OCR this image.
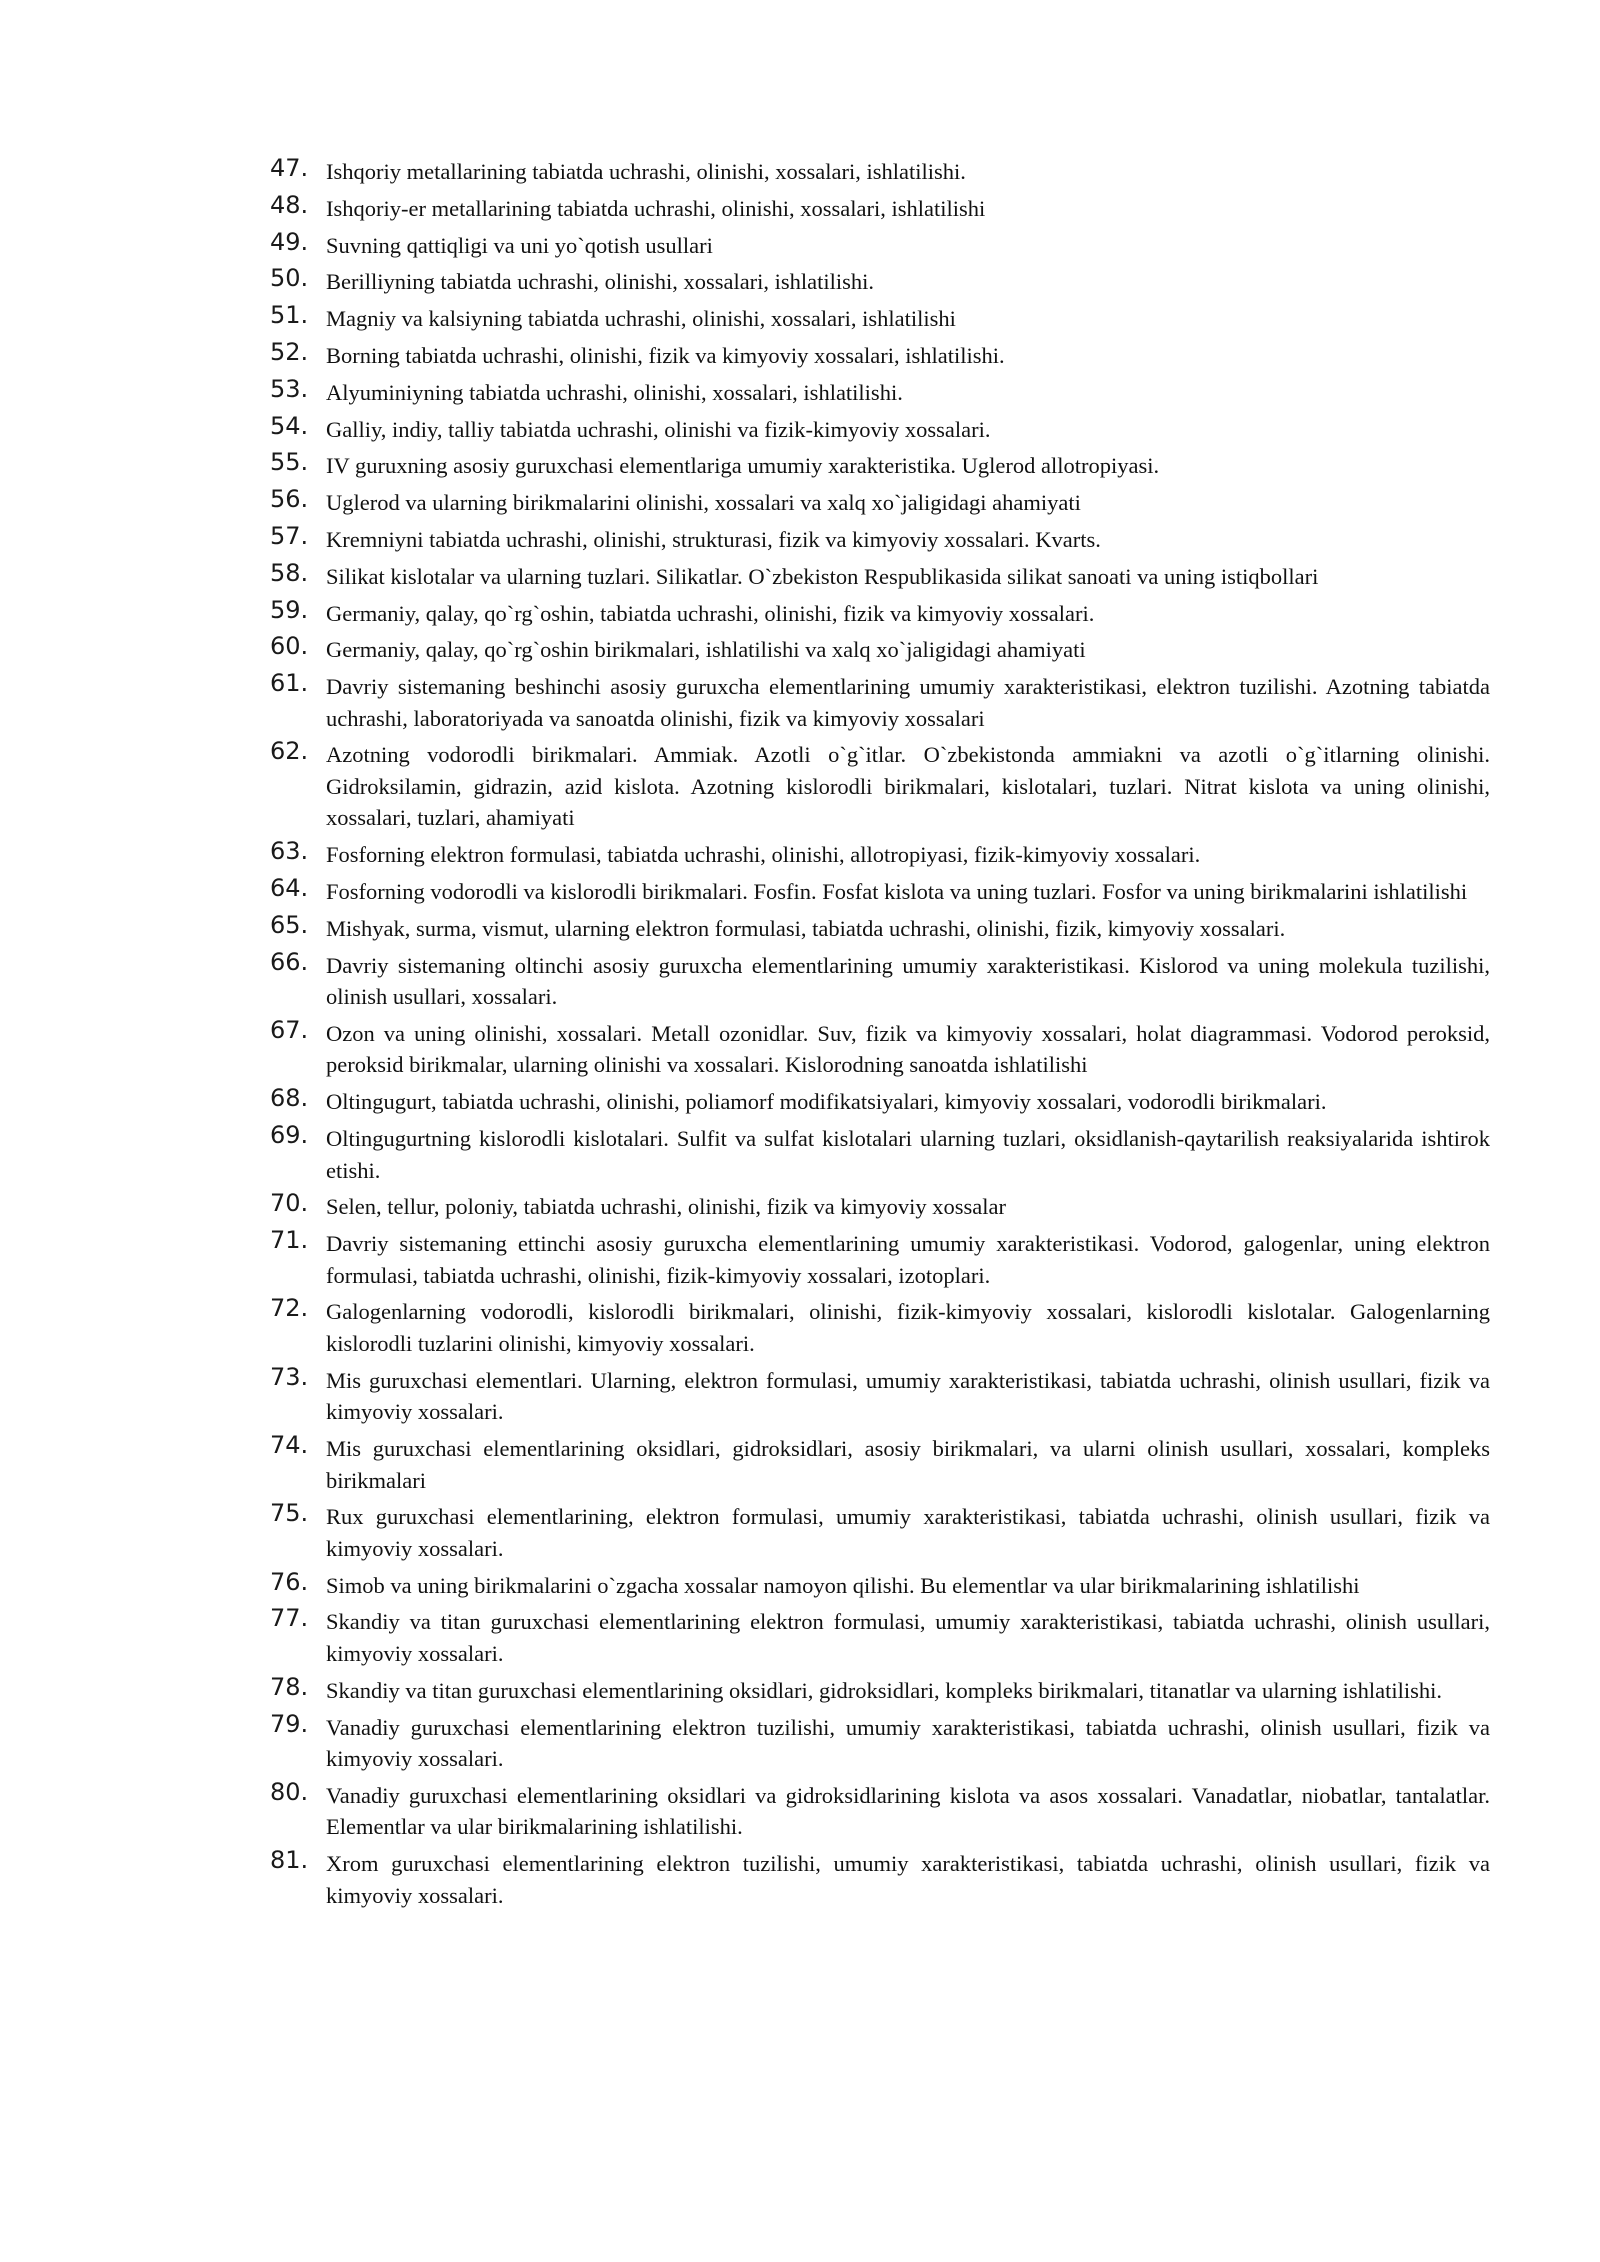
47. Ishqoriy metallarining tabiatda uchrashi, olinishi, xossalari, ishlatilishi.
48. Ishqoriy-er metallarining tabiatda uchrashi, olinishi, xossalari, ishlatilishi
49. Suvning qattiqligi va uni yo`qotish usullari
50. Berilliyning tabiatda uchrashi, olinishi, xossalari, ishlatilishi.
51. Magniy va kalsiyning tabiatda uchrashi, olinishi, xossalari, ishlatilishi
52. Borning tabiatda uchrashi, olinishi, fizik va kimyoviy xossalari, ishlatilishi.
53. Alyuminiyning tabiatda uchrashi, olinishi, xossalari, ishlatilishi.
54. Galliy, indiy, talliy tabiatda uchrashi, olinishi va fizik-kimyoviy xossalari.
55. IV guruxning asosiy guruxchasi elementlariga umumiy xarakteristika. Uglerod allotropiyasi.
56. Uglerod va ularning birikmalarini olinishi, xossalari va xalq xo`jaligidagi ahamiyati
57. Kremniyni tabiatda uchrashi, olinishi, strukturasi, fizik va kimyoviy xossalari. Kvarts.
58. Silikat kislotalar va ularning tuzlari. Silikatlar. O`zbekiston Respublikasida silikat sanoati va uning istiqbollari
59. Germaniy, qalay, qo`rg`oshin, tabiatda uchrashi, olinishi, fizik va kimyoviy xossalari.
60. Germaniy, qalay, qo`rg`oshin birikmalari, ishlatilishi va xalq xo`jaligidagi ahamiyati
61. Davriy sistemaning beshinchi asosiy guruxcha elementlarining umumiy xarakteristikasi, elektron tuzilishi. Azotning tabiatda uchrashi, laboratoriyada va sanoatda olinishi, fizik va kimyoviy xossalari
62. Azotning vodorodli birikmalari. Ammiak. Azotli o`g`itlar. O`zbekistonda ammiakni va azotli o`g`itlarning olinishi. Gidroksilamin, gidrazin, azid kislota. Azotning kislorodli birikmalari, kislotalari, tuzlari. Nitrat kislota va uning olinishi, xossalari, tuzlari, ahamiyati
63. Fosforning elektron formulasi, tabiatda uchrashi, olinishi, allotropiyasi, fizik-kimyoviy xossalari.
64. Fosforning vodorodli va kislorodli birikmalari. Fosfin. Fosfat kislota va uning tuzlari. Fosfor va uning birikmalarini ishlatilishi
65. Mishyak, surma, vismut, ularning elektron formulasi, tabiatda uchrashi, olinishi, fizik, kimyoviy xossalari.
66. Davriy sistemaning oltinchi asosiy guruxcha elementlarining umumiy xarakteristikasi. Kislorod va uning molekula tuzilishi, olinish usullari, xossalari.
67. Ozon va uning olinishi, xossalari. Metall ozonidlar. Suv, fizik va kimyoviy xossalari, holat diagrammasi. Vodorod peroksid, peroksid birikmalar, ularning olinishi va xossalari. Kislorodning sanoatda ishlatilishi
68. Oltingugurt, tabiatda uchrashi, olinishi, poliamorf modifikatsiyalari, kimyoviy xossalari, vodorodli birikmalari.
69. Oltingugurtning kislorodli kislotalari. Sulfit va sulfat kislotalari ularning tuzlari, oksidlanish-qaytarilish reaksiyalarida ishtirok etishi.
70. Selen, tellur, poloniy, tabiatda uchrashi, olinishi, fizik va kimyoviy xossalar
71. Davriy sistemaning ettinchi asosiy guruxcha elementlarining umumiy xarakteristikasi. Vodorod, galogenlar, uning elektron formulasi, tabiatda uchrashi, olinishi, fizik-kimyoviy xossalari, izotoplari.
72. Galogenlarning vodorodli, kislorodli birikmalari, olinishi, fizik-kimyoviy xossalari, kislorodli kislotalar. Galogenlarning kislorodli tuzlarini olinishi, kimyoviy xossalari.
73. Mis guruxchasi elementlari. Ularning, elektron formulasi, umumiy xarakteristikasi, tabiatda uchrashi, olinish usullari, fizik va kimyoviy xossalari.
74. Mis guruxchasi elementlarining oksidlari, gidroksidlari, asosiy birikmalari, va ularni olinish usullari, xossalari, kompleks birikmalari
75. Rux guruxchasi elementlarining, elektron formulasi, umumiy xarakteristikasi, tabiatda uchrashi, olinish usullari, fizik va kimyoviy xossalari.
76. Simob va uning birikmalarini o`zgacha xossalar namoyon qilishi. Bu elementlar va ular birikmalarining ishlatilishi
77. Skandiy va titan guruxchasi elementlarining elektron formulasi, umumiy xarakteristikasi, tabiatda uchrashi, olinish usullari, kimyoviy xossalari.
78. Skandiy va titan guruxchasi elementlarining oksidlari, gidroksidlari, kompleks birikmalari, titanatlar va ularning ishlatilishi.
79. Vanadiy guruxchasi elementlarining elektron tuzilishi, umumiy xarakteristikasi, tabiatda uchrashi, olinish usullari, fizik va kimyoviy xossalari.
80. Vanadiy guruxchasi elementlarining oksidlari va gidroksidlarining kislota va asos xossalari. Vanadatlar, niobatlar, tantalatlar. Elementlar va ular birikmalarining ishlatilishi.
81. Xrom guruxchasi elementlarining elektron tuzilishi, umumiy xarakteristikasi, tabiatda uchrashi, olinish usullari, fizik va kimyoviy xossalari.
